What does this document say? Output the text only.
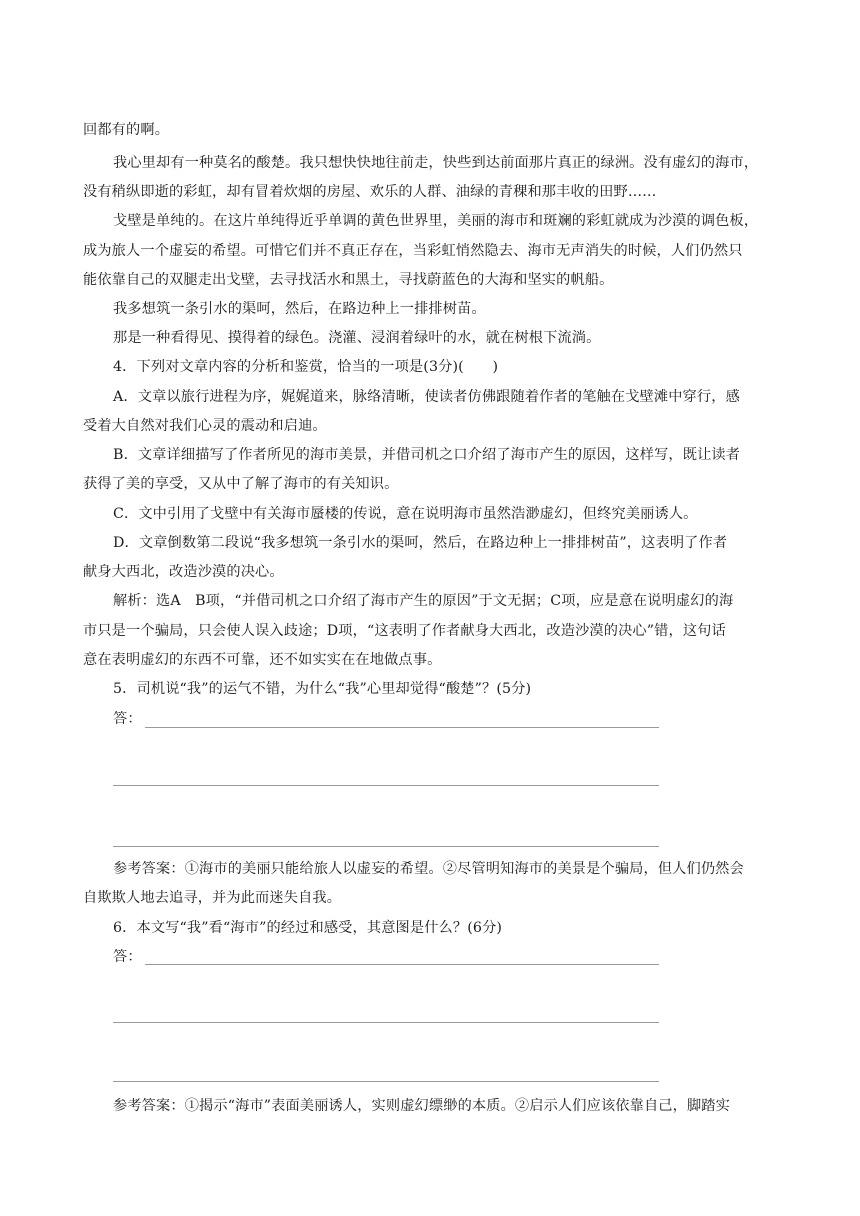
回都有的啊。
我心里却有一种莫名的酸楚。我只想快快地往前走，快些到达前面那片真正的绿洲。没有虚幻的海市，
没有稍纵即逝的彩虹，却有冒着炊烟的房屋、欢乐的人群、油绿的青稞和那丰收的田野……
戈壁是单纯的。在这片单纯得近乎单调的黄色世界里，美丽的海市和斑斓的彩虹就成为沙漠的调色板，
成为旅人一个虚妄的希望。可惜它们并不真正存在，当彩虹悄然隐去、海市无声消失的时候，人们仍然只
能依靠自己的双腿走出戈壁，去寻找活水和黑土，寻找蔚蓝色的大海和坚实的帆船。
我多想筑一条引水的渠呵，然后，在路边种上一排排树苗。
那是一种看得见、摸得着的绿色。浇灌、浸润着绿叶的水，就在树根下流淌。
4．下列对文章内容的分析和鉴赏，恰当的一项是(3分)(　　)
A．文章以旅行进程为序，娓娓道来，脉络清晰，使读者仿佛跟随着作者的笔触在戈壁滩中穿行，感
受着大自然对我们心灵的震动和启迪。
B．文章详细描写了作者所见的海市美景，并借司机之口介绍了海市产生的原因，这样写，既让读者
获得了美的享受，又从中了解了海市的有关知识。
C．文中引用了戈壁中有关海市蜃楼的传说，意在说明海市虽然浩渺虚幻，但终究美丽诱人。
D．文章倒数第二段说“我多想筑一条引水的渠呵，然后，在路边种上一排排树苗”，这表明了作者
献身大西北，改造沙漠的决心。
解析：选A　B项，“并借司机之口介绍了海市产生的原因”于文无据；C项，应是意在说明虚幻的海
市只是一个骗局，只会使人误入歧途；D项，“这表明了作者献身大西北，改造沙漠的决心”错，这句话
意在表明虚幻的东西不可靠，还不如实实在在地做点事。
5．司机说“我”的运气不错，为什么“我”心里却觉得“酸楚”？(5分)
答：
参考答案：①海市的美丽只能给旅人以虚妄的希望。②尽管明知海市的美景是个骗局，但人们仍然会
自欺欺人地去追寻，并为此而迷失自我。
6．本文写“我”看“海市”的经过和感受，其意图是什么？(6分)
答：
参考答案：①揭示“海市”表面美丽诱人，实则虚幻缥缈的本质。②启示人们应该依靠自己，脚踏实
